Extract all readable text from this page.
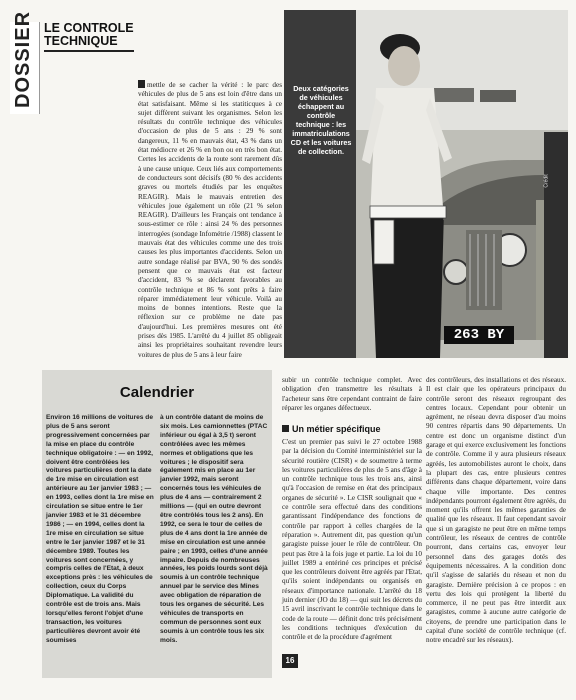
DOSSIER LE CONTROLE TECHNIQUE
mettle de se cacher la vérité : le parc des véhicules de plus de 5 ans est loin d'être dans un état satisfaisant. Même si les statiticques à ce sujet diffèrent suivant les organismes. Selon les résultats du contrôle technique des véhicules d'occasion de plus de 5 ans : 29 % sont dangereux, 11 % en mauvais état, 43 % dans un état médiocre et 26 % en bon ou en très bon état. Certes les accidents de la route sont rarement dûs à une cause unique. Ceux liés aux comportements de conducteurs sont décisifs (80 % des accidents graves ou mortels étudiés par les enquêtes REAGIR). Mais le mauvais entretien des véhicules joue également un rôle (21 % selon REAGIR). D'ailleurs les Français ont tendance à sous-estimer ce rôle : ainsi 24 % des personnes interrogées (sondage Infométrie /1988) classent le mauvais état des véhicules comme une des trois causes les plus importantes d'accidents. Selon un autre sondage réalisé par BVA, 90 % des sondés pensent que ce mauvais état est facteur d'accident, 83 % se déclarent favorables au contrôle technique et 86 % sont prêts à faire réparer immédiatement leur véhicule. Voilà au moins de bonnes intentions. Reste que la réflexion sur ce problème ne date pas d'aujourd'hui. Les premières mesures ont été prises dès 1985. L'arrêté du 4 juillet 85 obligeait ainsi les propriétaires souhaitant revendre leurs voitures de plus de 5 ans à leur faire
Deux catégories de véhicules échappent au contrôle technique : les immatriculations CD et les voitures de collection.
263 BY
Crédit
Calendrier

Environ 16 millions de voitures de plus de 5 ans seront progressivement concernées par la mise en place du contrôle technique obligatoire : — en 1992, doivent être contrôlées les voitures particulières dont la date de 1re mise en circulation est antérieure au 1er janvier 1983 ; — en 1993, celles dont la 1re mise en circulation se situe entre le 1er janvier 1983 et le 31 décembre 1986 ; — en 1994, celles dont la 1re mise en circulation se situe entre le 1er janvier 1987 et le 31 décembre 1989. Toutes les voitures sont concernées, y compris celles de l'Etat, à deux exceptions près : les véhicules de collection, ceux du Corps Diplomatique. La validité du contrôle est de trois ans. Mais lorsqu'elles feront l'objet d'une transaction, les voitures particulières devront avoir été soumises

à un contrôle datant de moins de six mois. Les camionnettes (PTAC inférieur ou égal à 3,5 t) seront contrôlées avec les mêmes normes et obligations que les voitures ; le dispositif sera également mis en place au 1er janvier 1992, mais seront concernés tous les véhicules de plus de 4 ans — contrairement 2 millions — (qui en outre devront être contrôlés tous les 2 ans). En 1992, ce sera le tour de celles de plus de 4 ans dont la 1re année de mise en circulation est une année paire ; en 1993, celles d'une année impaire. Depuis de nombreuses années, les poids lourds sont déjà soumis à un contrôle technique annuel par le service des Mines avec obligation de réparation de tous les organes de sécurité. Les véhicules de transports en commun de personnes sont eux soumis à un contrôle tous les six mois.

subir un contrôle technique complet. Avec obligation d'en transmettre les résultats à l'acheteur sans être cependant contraint de faire réparer les organes défectueux.
Un métier spécifique
C'est un premier pas suivi le 27 octobre 1988 par la décision du Comité interministériel sur la sécurité routière (CISR) « de soumettre à terme les voitures particulières de plus de 5 ans d'âge à un contrôle technique tous les trois ans, ainsi qu'à l'occasion de remise en état des principaux organes de sécurité ». Le CISR soulignait que « ce contrôle sera effectué dans des conditions garantissant l'indépendance des fonctions de contrôle par rapport à celles chargées de la réparation ». Autrement dit, pas question qu'un garagiste puisse jouer le rôle de contrôleur. On peut pas être à la fois juge et partie. La loi du 10 juillet 1989 a entériné ces principes et précisé que les contrôleurs doivent être agréés par l'Etat, qu'ils soient indépendants ou organisés en réseaux d'importance nationale. L'arrêté du 18 juin dernier (JO du 18) — qui suit les décrets du 15 avril inscrivant le contrôle technique dans le code de la route — définit donc très précisément les conditions techniques d'exécution du contrôle et de la procédure d'agrément
des contrôleurs, des installations et des réseaux. Il est clair que les opérateurs principaux du contrôle seront des réseaux regroupant des centres locaux. Cependant pour obtenir un agrément, ne réseau devra disposer d'au moins 90 centres répartis dans 90 départements. Un centre est donc un organisme distinct d'un garage et qui exerce exclusivement les fonctions de contrôle. Comme il y aura plusieurs réseaux agréés, les automobilistes auront le choix, dans la plupart des cas, entre plusieurs centres différents dans chaque département, voire dans chaque ville importante. Des centres indépendants pourront également être agréés, du moment qu'ils offrent les mêmes garanties de qualité que les réseaux. Il faut cependant savoir que si un garagiste ne peut être en même temps contrôleur, les réseaux de centres de contrôle pourront, dans certains cas, envoyer leur personnel dans des garages dotés des équipements nécessaires. A la condition donc qu'il s'agisse de salariés du réseau et non du garagiste. Dernière précision à ce propos : en vertu des lois qui protègent la liberté du commerce, il ne peut pas être interdit aux garagistes, comme à aucune autre catégorie de citoyens, de prendre une participation dans le capital d'une société de contrôle technique (cf. notre encadré sur les réseaux).
16
